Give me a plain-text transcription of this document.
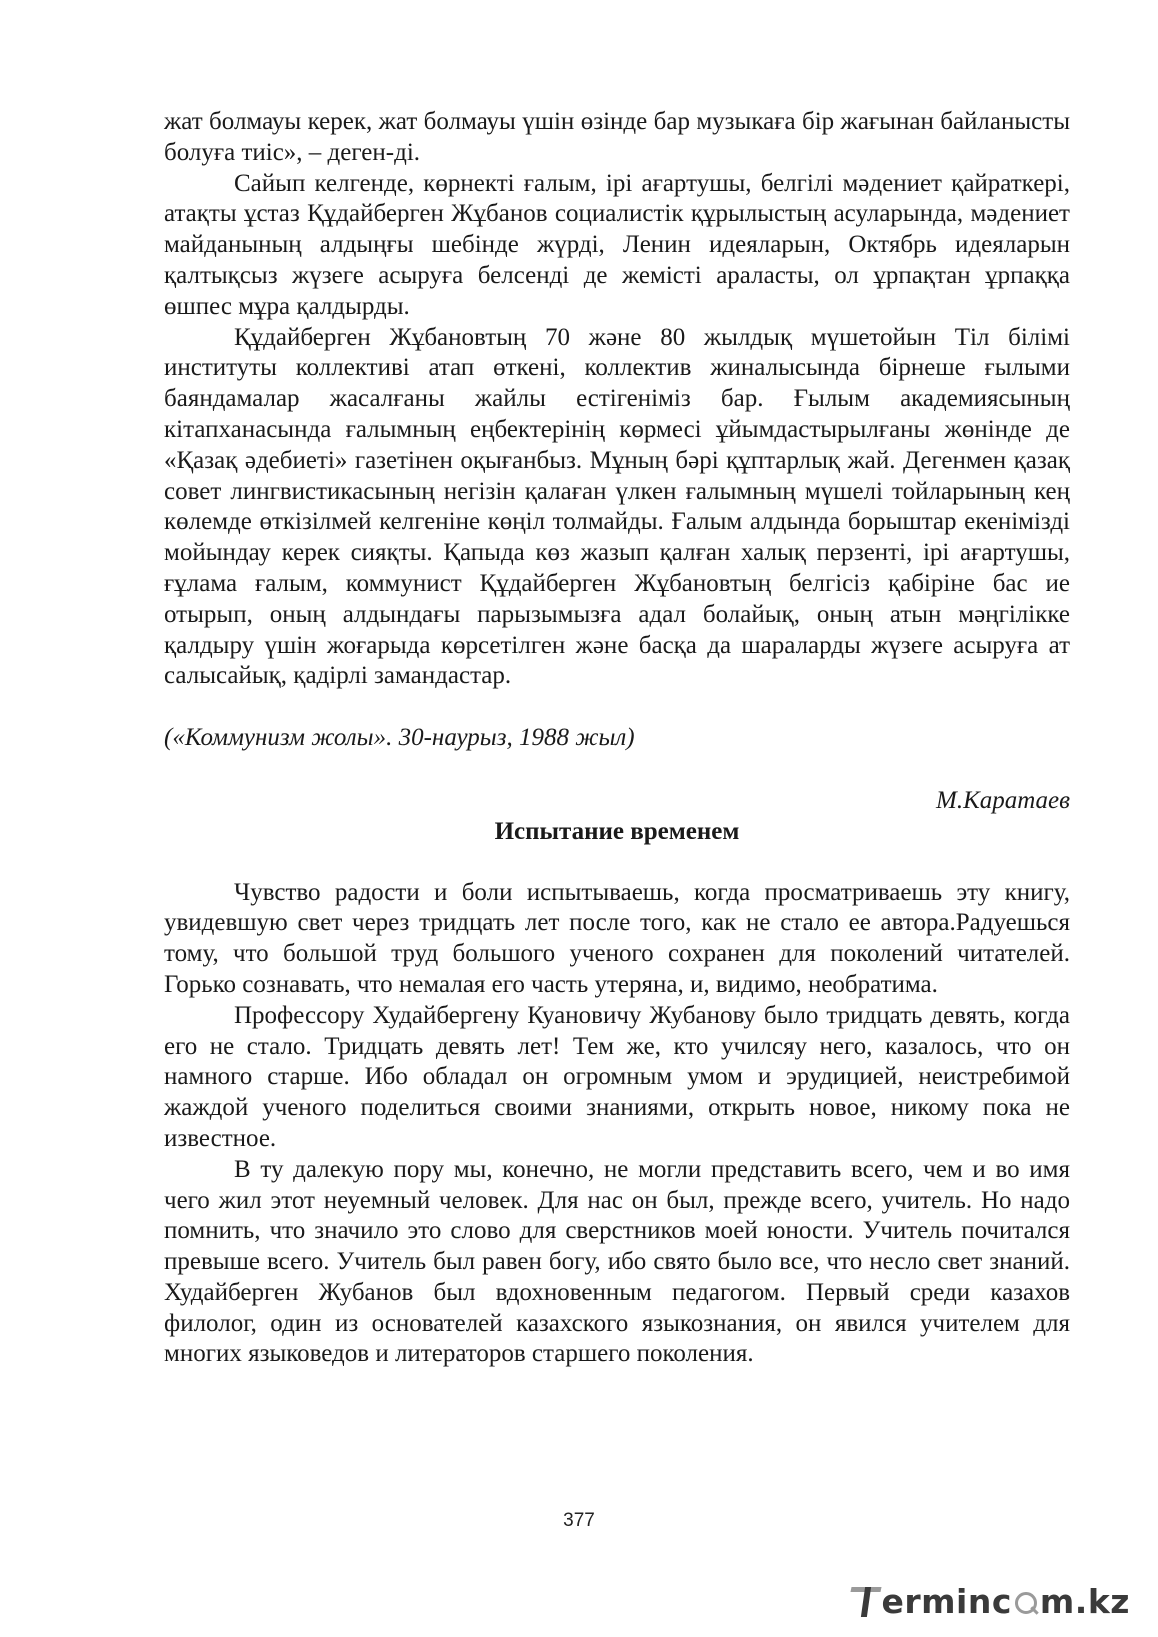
жат болмауы керек, жат болмауы үшін өзінде бар музыкаға бір жағынан байланысты болуға тиіс», – деген-ді.

Сайып келгенде, көрнекті ғалым, ірі ағартушы, белгілі мәдениет қайраткері, атақты ұстаз Құдайберген Жұбанов социалистік құрылыстың асуларында, мәдениет майданының алдыңғы шебінде жүрді, Ленин идеяларын, Октябрь идеяларын қалтықсыз жүзеге асыруға белсенді де жемісті араласты, ол ұрпақтан ұрпаққа өшпес мұра қалдырды.

Құдайберген Жұбановтың 70 және 80 жылдық мүшетойын Тіл білімі институты коллективі атап өткені, коллектив жиналысында бірнеше ғылыми баяндамалар жасалғаны жайлы естігеніміз бар. Ғылым академиясының кітапханасында ғалымның еңбектерінің көрмесі ұйымдастырылғаны жөнінде де «Қазақ әдебиеті» газетінен оқығанбыз. Мұның бәрі құптарлық жай. Дегенмен қазақ совет лингвистикасының негізін қалаған үлкен ғалымның мүшелі тойларының кең көлемде өткізілмей келгеніне көңіл толмайды. Ғалым алдында борыштар екенімізді мойындау керек сияқты. Қапыда көз жазып қалған халық перзенті, ірі ағартушы, ғұлама ғалым, коммунист Құдайберген Жұбановтың белгісіз қабіріне бас ие отырып, оның алдындағы парызымызға адал болайық, оның атын мәңгілікке қалдыру үшін жоғарыда көрсетілген және басқа да шараларды жүзеге асыруға ат салысайық, қадірлі замандастар.

(«Коммунизм жолы». 30-наурыз, 1988 жыл)

М.Каратаев

Испытание временем

Чувство радости и боли испытываешь, когда просматриваешь эту книгу, увидевшую свет через тридцать лет после того, как не стало ее автора.Радуешься тому, что большой труд большого ученого сохранен для поколений читателей. Горько сознавать, что немалая его часть утеряна, и, видимо, необратима.

Профессору Худайбергену Куановичу Жубанову было тридцать девять, когда его не стало. Тридцать девять лет! Тем же, кто училсяу него, казалось, что он намного старше. Ибо обладал он огромным умом и эрудицией, неистребимой жаждой ученого поделиться своими знаниями, открыть новое, никому пока не известное.

В ту далекую пору мы, конечно, не могли представить всего, чем и во имя чего жил этот неуемный человек. Для нас он был, прежде всего, учитель. Но надо помнить, что значило это слово для сверстников моей юности. Учитель почитался превыше всего. Учитель был равен богу, ибо свято было все, что несло свет знаний. Худайберген Жубанов был вдохновенным педагогом. Первый среди казахов филолог, один из основателей казахского языкознания, он явился учителем для многих языковедов и литераторов старшего поколения.

377
ermin c m.kz
